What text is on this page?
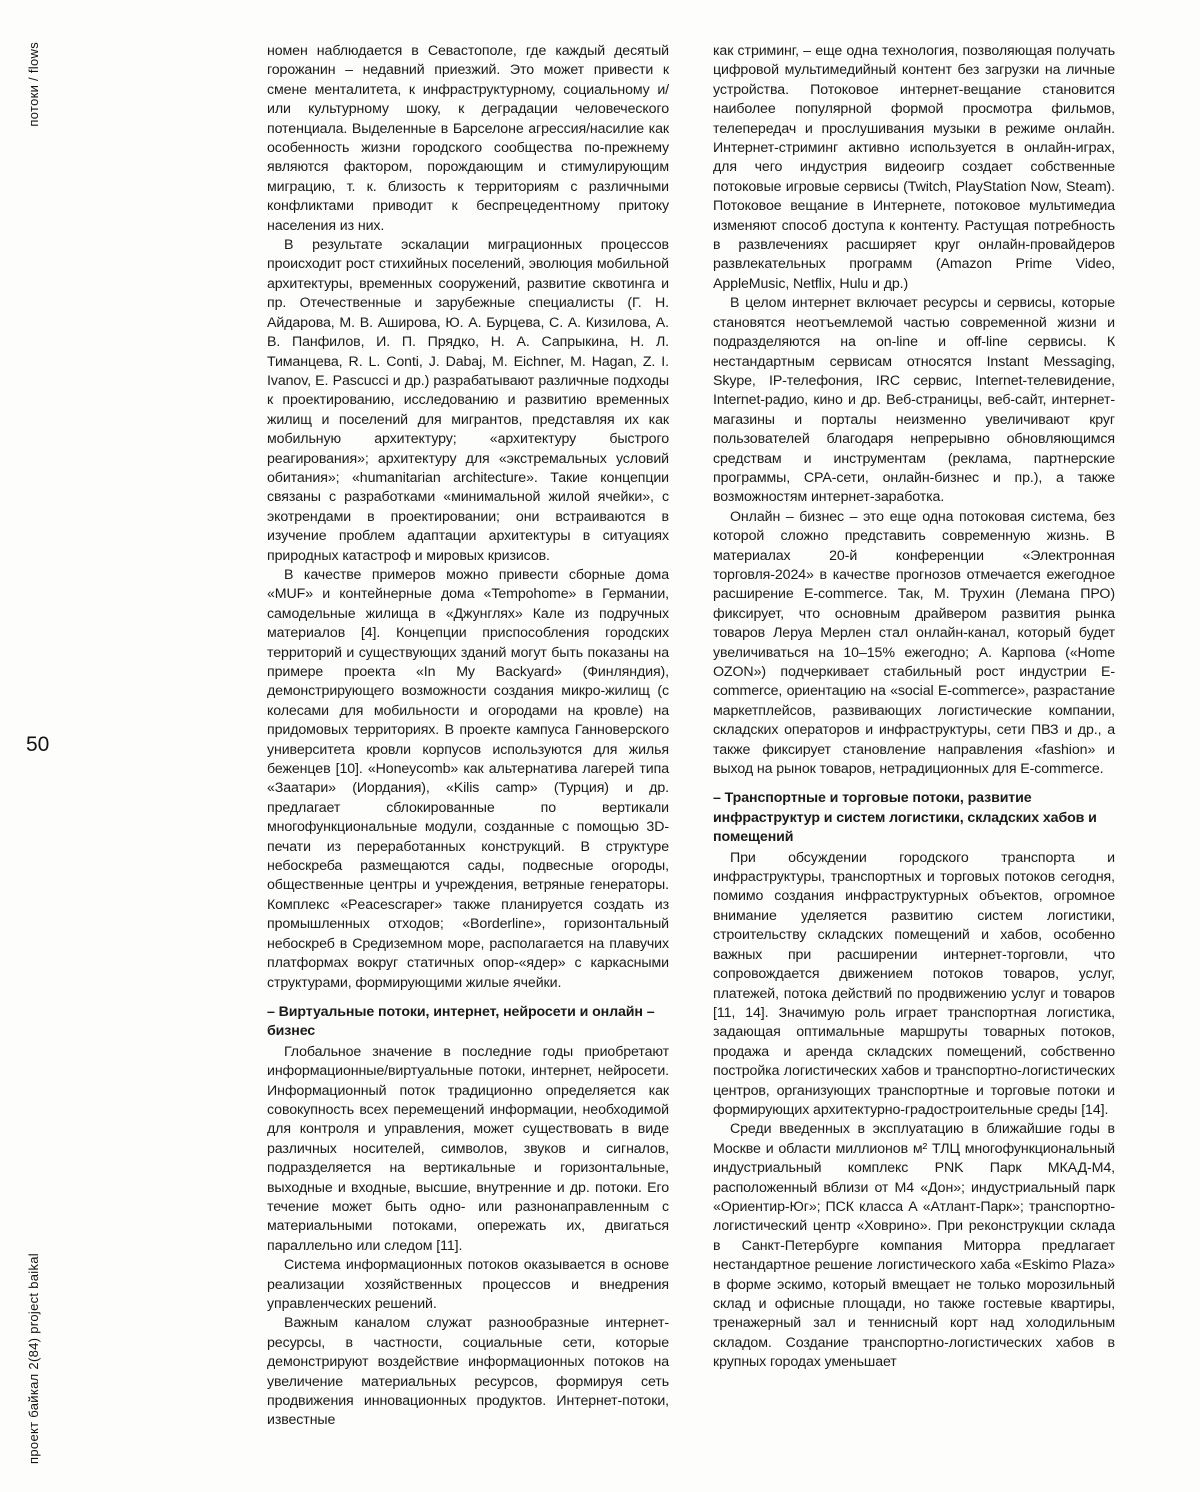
потоки / flows
50
проект байкал 2(84) project baikal

номен наблюдается в Севастополе, где каждый десятый горожанин – недавний приезжий. Это может привести к смене менталитета, к инфраструктурному, социальному и/или культурному шоку, к деградации человеческого потенциала. Выделенные в Барселоне агрессия/насилие как особенность жизни городского сообщества по-прежнему являются фактором, порождающим и стимулирующим миграцию, т. к. близость к территориям с различными конфликтами приводит к беспрецедентному притоку населения из них.

В результате эскалации миграционных процессов происходит рост стихийных поселений, эволюция мобильной архитектуры, временных сооружений, развитие сквотинга и пр. Отечественные и зарубежные специалисты (Г. Н. Айдарова, М. В. Аширова, Ю. А. Бурцева, С. А. Кизилова, А. В. Панфилов, И. П. Прядко, Н. А. Сапрыкина, Н. Л. Тиманцева, R. L. Conti, J. Dabaj, M. Eichner, M. Hagan, Z. I. Ivanov, E. Pascucci и др.) разрабатывают различные подходы к проектированию, исследованию и развитию временных жилищ и поселений для мигрантов, представляя их как мобильную архитектуру; «архитектуру быстрого реагирования»; архитектуру для «экстремальных условий обитания»; «humanitarian architecture». Такие концепции связаны с разработками «минимальной жилой ячейки», с экотрендами в проектировании; они встраиваются в изучение проблем адаптации архитектуры в ситуациях природных катастроф и мировых кризисов.

В качестве примеров можно привести сборные дома «MUF» и контейнерные дома «Tempohome» в Германии, самодельные жилища в «Джунглях» Кале из подручных материалов [4]. Концепции приспособления городских территорий и существующих зданий могут быть показаны на примере проекта «In My Backyard» (Финляндия), демонстрирующего возможности создания микро-жилищ (с колесами для мобильности и огородами на кровле) на придомовых территориях. В проекте кампуса Ганноверского университета кровли корпусов используются для жилья беженцев [10]. «Honeycomb» как альтернатива лагерей типа «Заатари» (Иордания), «Kilis camp» (Турция) и др. предлагает сблокированные по вертикали многофункциональные модули, созданные с помощью 3D-печати из переработанных конструкций. В структуре небоскреба размещаются сады, подвесные огороды, общественные центры и учреждения, ветряные генераторы. Комплекс «Peacescraper» также планируется создать из промышленных отходов; «Borderline», горизонтальный небоскреб в Средиземном море, располагается на плавучих платформах вокруг статичных опор-«ядер» с каркасными структурами, формирующими жилые ячейки.

– Виртуальные потоки, интернет, нейросети и онлайн – бизнес

Глобальное значение в последние годы приобретают информационные/виртуальные потоки, интернет, нейросети. Информационный поток традиционно определяется как совокупность всех перемещений информации, необходимой для контроля и управления, может существовать в виде различных носителей, символов, звуков и сигналов, подразделяется на вертикальные и горизонтальные, выходные и входные, высшие, внутренние и др. потоки. Его течение может быть одно- или разнонаправленным с материальными потоками, опережать их, двигаться параллельно или следом [11].

Система информационных потоков оказывается в основе реализации хозяйственных процессов и внедрения управленческих решений.

Важным каналом служат разнообразные интернет-ресурсы, в частности, социальные сети, которые демонстрируют воздействие информационных потоков на увеличение материальных ресурсов, формируя сеть продвижения инновационных продуктов. Интернет-потоки, известные

как стриминг, – еще одна технология, позволяющая получать цифровой мультимедийный контент без загрузки на личные устройства. Потоковое интернет-вещание становится наиболее популярной формой просмотра фильмов, телепередач и прослушивания музыки в режиме онлайн. Интернет-стриминг активно используется в онлайн-играх, для чего индустрия видеоигр создает собственные потоковые игровые сервисы (Twitch, PlayStation Now, Steam). Потоковое вещание в Интернете, потоковое мультимедиа изменяют способ доступа к контенту. Растущая потребность в развлечениях расширяет круг онлайн-провайдеров развлекательных программ (Amazon Prime Video, AppleMusic, Netflix, Hulu и др.)

В целом интернет включает ресурсы и сервисы, которые становятся неотъемлемой частью современной жизни и подразделяются на on-line и off-line сервисы. К нестандартным сервисам относятся Instant Messaging, Skype, IP-телефония, IRC сервис, Internet-телевидение, Internet-радио, кино и др. Веб-страницы, веб-сайт, интернет-магазины и порталы неизменно увеличивают круг пользователей благодаря непрерывно обновляющимся средствам и инструментам (реклама, партнерские программы, CPA-сети, онлайн-бизнес и пр.), а также возможностям интернет-заработка.

Онлайн – бизнес – это еще одна потоковая система, без которой сложно представить современную жизнь. В материалах 20-й конференции «Электронная торговля-2024» в качестве прогнозов отмечается ежегодное расширение E-commerce. Так, М. Трухин (Лемана ПРО) фиксирует, что основным драйвером развития рынка товаров Леруа Мерлен стал онлайн-канал, который будет увеличиваться на 10–15% ежегодно; А. Карпова («Home OZON») подчеркивает стабильный рост индустрии E-commerce, ориентацию на «social E-commerce», разрастание маркетплейсов, развивающих логистические компании, складских операторов и инфраструктуры, сети ПВЗ и др., а также фиксирует становление направления «fashion» и выход на рынок товаров, нетрадиционных для E-commerce.

– Транспортные и торговые потоки, развитие инфраструктур и систем логистики, складских хабов и помещений

При обсуждении городского транспорта и инфраструктуры, транспортных и торговых потоков сегодня, помимо создания инфраструктурных объектов, огромное внимание уделяется развитию систем логистики, строительству складских помещений и хабов, особенно важных при расширении интернет-торговли, что сопровождается движением потоков товаров, услуг, платежей, потока действий по продвижению услуг и товаров [11, 14]. Значимую роль играет транспортная логистика, задающая оптимальные маршруты товарных потоков, продажа и аренда складских помещений, собственно постройка логистических хабов и транспортно-логистических центров, организующих транспортные и торговые потоки и формирующих архитектурно-градостроительные среды [14].

Среди введенных в эксплуатацию в ближайшие годы в Москве и области миллионов м² ТЛЦ многофункциональный индустриальный комплекс PNK Парк МКАД-М4, расположенный вблизи от М4 «Дон»; индустриальный парк «Ориентир-Юг»; ПСК класса А «Атлант-Парк»; транспортно-логистический центр «Ховрино». При реконструкции склада в Санкт-Петербурге компания Миторра предлагает нестандартное решение логистического хаба «Eskimo Plaza» в форме эскимо, который вмещает не только морозильный склад и офисные площади, но также гостевые квартиры, тренажерный зал и теннисный корт над холодильным складом. Создание транспортно-логистических хабов в крупных городах уменьшает
